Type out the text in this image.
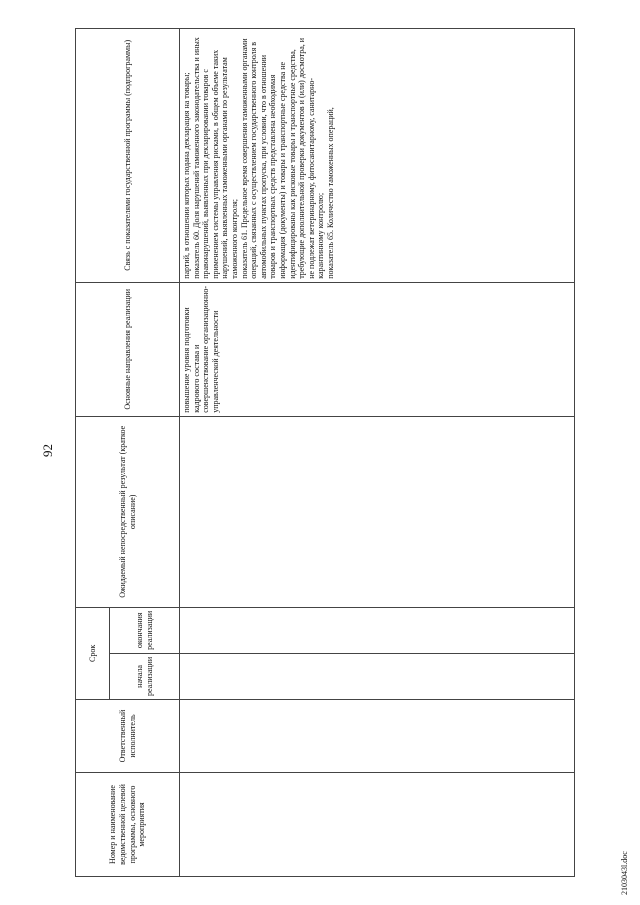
92
Номер и наименование ведомственной целевой программы, основного мероприятия	Ответственный исполнитель	Срок		Ожидаемый непосредственный результат (краткое описание)	Основные направления реализации	Связь с показателями государственной программы (подпрограммы)
		начала реализации	окончания реализации			
					повышение уровня подготовки кадрового состава и совершенствование организационно-управленческой деятельности	партий, в отношении которых подана декларация на товары;
показатель 60. Доля нарушений таможенного законодательства и иных правонарушений, выявленных при декларировании товаров с применением системы управления рисками, в общем объеме таких нарушений, выявленных таможенными органами по результатам таможенного контроля;
показатель 61. Предельное время совершения таможенными органами операций, связанных с осуществлением государственного контроля в автомобильных пунктах пропуска, при условии, что в отношении товаров и транспортных средств представлена необходимая информация (документы) и товары и транспортные средства не идентифицированы как рисковые товары и транспортные средства, требующие дополнительной проверки документов и (или) досмотра, и не подлежат ветеринарному, фитосанитарному, санитарно-карантинному контролю;
показатель 65. Количество таможенных операций,
2103043l.doc
